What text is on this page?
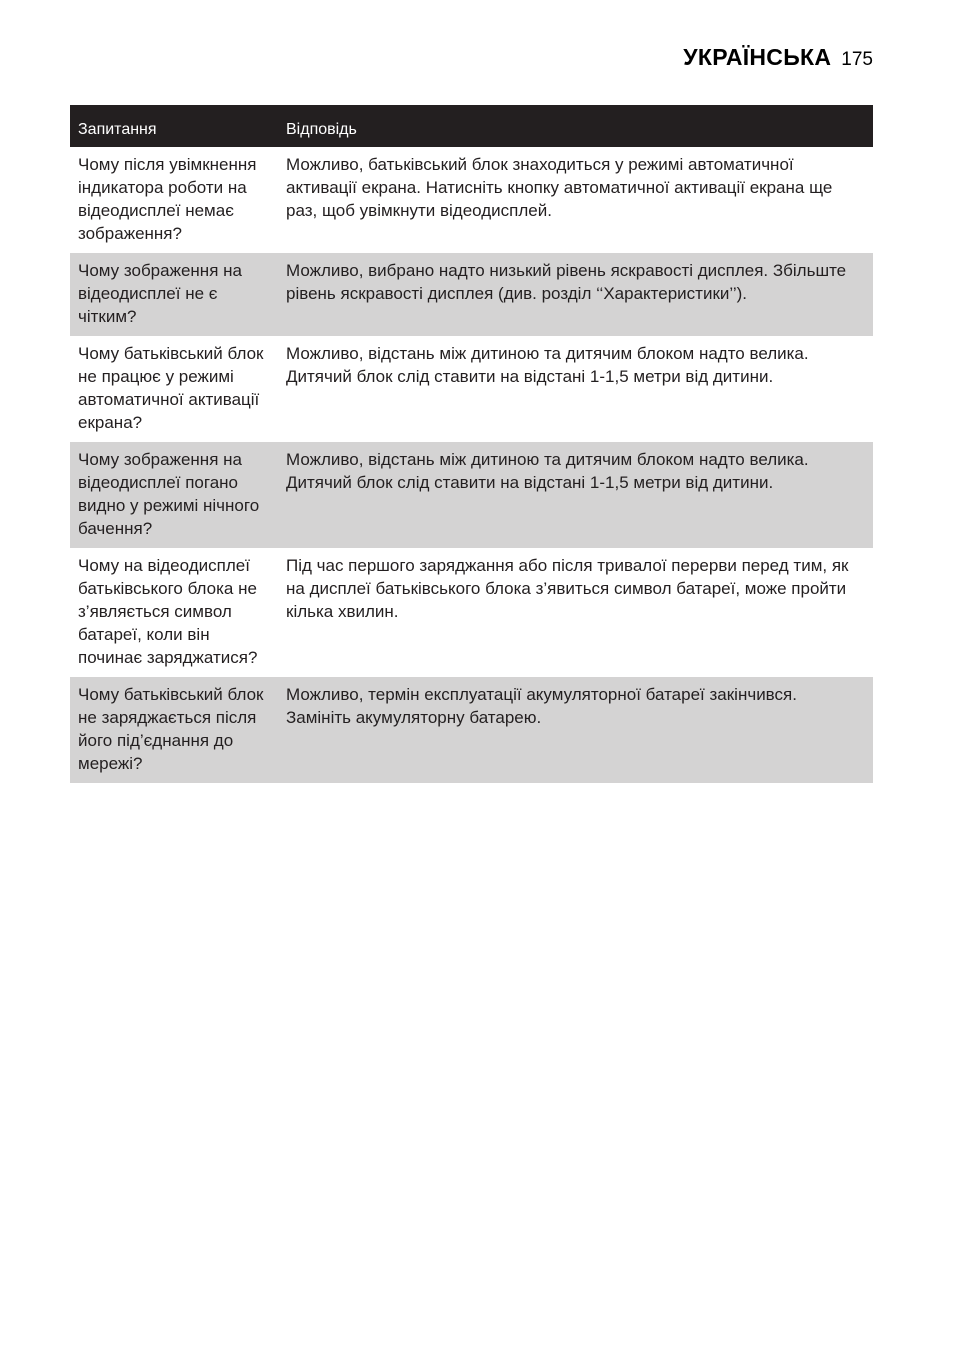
УКРАЇНСЬКА 175
Запитання	Відповідь
Чому після увімкнення індикатора роботи на відеодисплеї немає зображення?	Можливо, батьківський блок знаходиться у режимі автоматичної активації екрана. Натисніть кнопку автоматичної активації екрана ще раз, щоб увімкнути відеодисплей.
Чому зображення на відеодисплеї не є чітким?	Можливо, вибрано надто низький рівень яскравості дисплея. Збільште рівень яскравості дисплея (див. розділ ‘‘Характеристики’’).
Чому батьківський блок не працює у режимі автоматичної активації екрана?	Можливо, відстань між дитиною та дитячим блоком надто велика. Дитячий блок слід ставити на відстані 1-1,5 метри від дитини.
Чому зображення на відеодисплеї погано видно у режимі нічного бачення?	Можливо, відстань між дитиною та дитячим блоком надто велика. Дитячий блок слід ставити на відстані 1-1,5 метри від дитини.
Чому на відеодисплеї батьківського блока не з’являється символ батареї, коли він починає заряджатися?	Під час першого заряджання або після тривалої перерви перед тим, як на дисплеї батьківського блока з’явиться символ батареї, може пройти кілька хвилин.
Чому батьківський блок не заряджається після його під’єднання до мережі?	Можливо, термін експлуатації акумуляторної батареї закінчився. Замініть акумуляторну батарею.
